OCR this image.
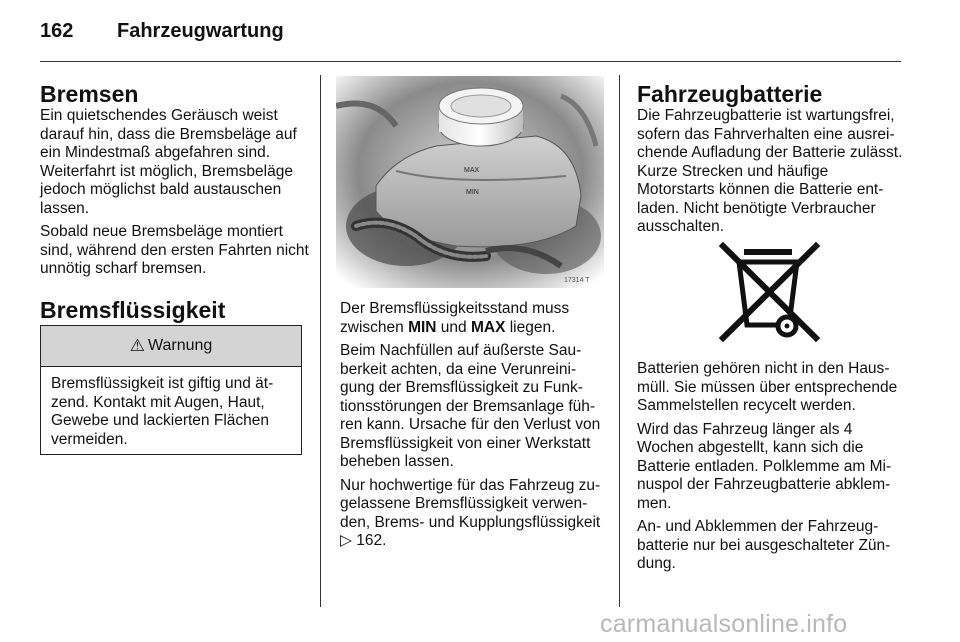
162 Fahrzeugwartung
Bremsen

Ein quietschendes Geräusch weist darauf hin, dass die Bremsbeläge auf ein Mindestmaß abgefahren sind. Weiterfahrt ist möglich, Bremsbeläge jedoch möglichst bald austauschen lassen.

Sobald neue Bremsbeläge montiert sind, während den ersten Fahrten nicht unnötig scharf bremsen.

Bremsflüssigkeit
⚠ Warnung
Bremsflüssigkeit ist giftig und ätzend. Kontakt mit Augen, Haut, Gewebe und lackierten Flächen vermeiden.
MAX
MIN
17314 T

Der Bremsflüssigkeitsstand muss zwischen MIN und MAX liegen.

Beim Nachfüllen auf äußerste Sauberkeit achten, da eine Verunreinigung der Bremsflüssigkeit zu Funktionsstörungen der Bremsanlage führen kann. Ursache für den Verlust von Bremsflüssigkeit von einer Werkstatt beheben lassen.

Nur hochwertige für das Fahrzeug zugelassene Bremsflüssigkeit verwenden, Brems- und Kupplungsflüssigkeit ▷ 162.

Fahrzeugbatterie

Die Fahrzeugbatterie ist wartungsfrei, sofern das Fahrverhalten eine ausreichende Aufladung der Batterie zulässt. Kurze Strecken und häufige Motorstarts können die Batterie entladen. Nicht benötigte Verbraucher ausschalten.

Batterien gehören nicht in den Hausmüll. Sie müssen über entsprechende Sammelstellen recycelt werden.

Wird das Fahrzeug länger als 4 Wochen abgestellt, kann sich die Batterie entladen. Polklemme am Minuspol der Fahrzeugbatterie abklemmen.

An- und Abklemmen der Fahrzeugbatterie nur bei ausgeschalteter Zündung.

carmanualsonline.info
